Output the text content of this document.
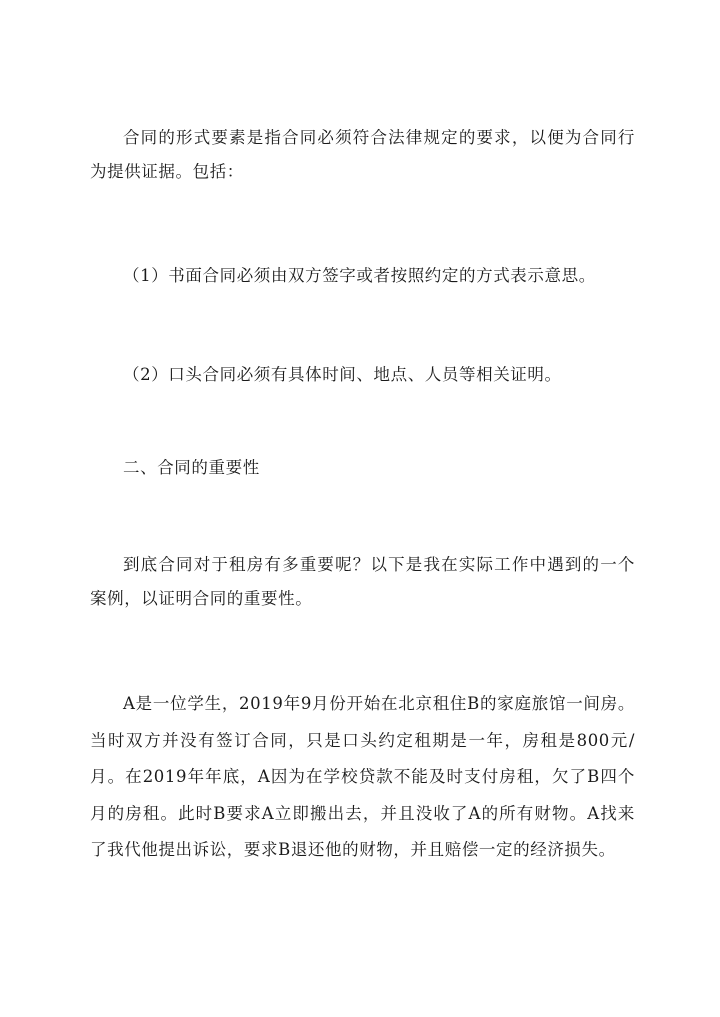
合同的形式要素是指合同必须符合法律规定的要求，以便为合同行为提供证据。包括：

（1）书面合同必须由双方签字或者按照约定的方式表示意思。

（2）口头合同必须有具体时间、地点、人员等相关证明。

二、合同的重要性

到底合同对于租房有多重要呢？以下是我在实际工作中遇到的一个案例，以证明合同的重要性。

A是一位学生，2019年9月份开始在北京租住B的家庭旅馆一间房。当时双方并没有签订合同，只是口头约定租期是一年，房租是800元/月。在2019年年底，A因为在学校贷款不能及时支付房租，欠了B四个月的房租。此时B要求A立即搬出去，并且没收了A的所有财物。A找来了我代他提出诉讼，要求B退还他的财物，并且赔偿一定的经济损失。
